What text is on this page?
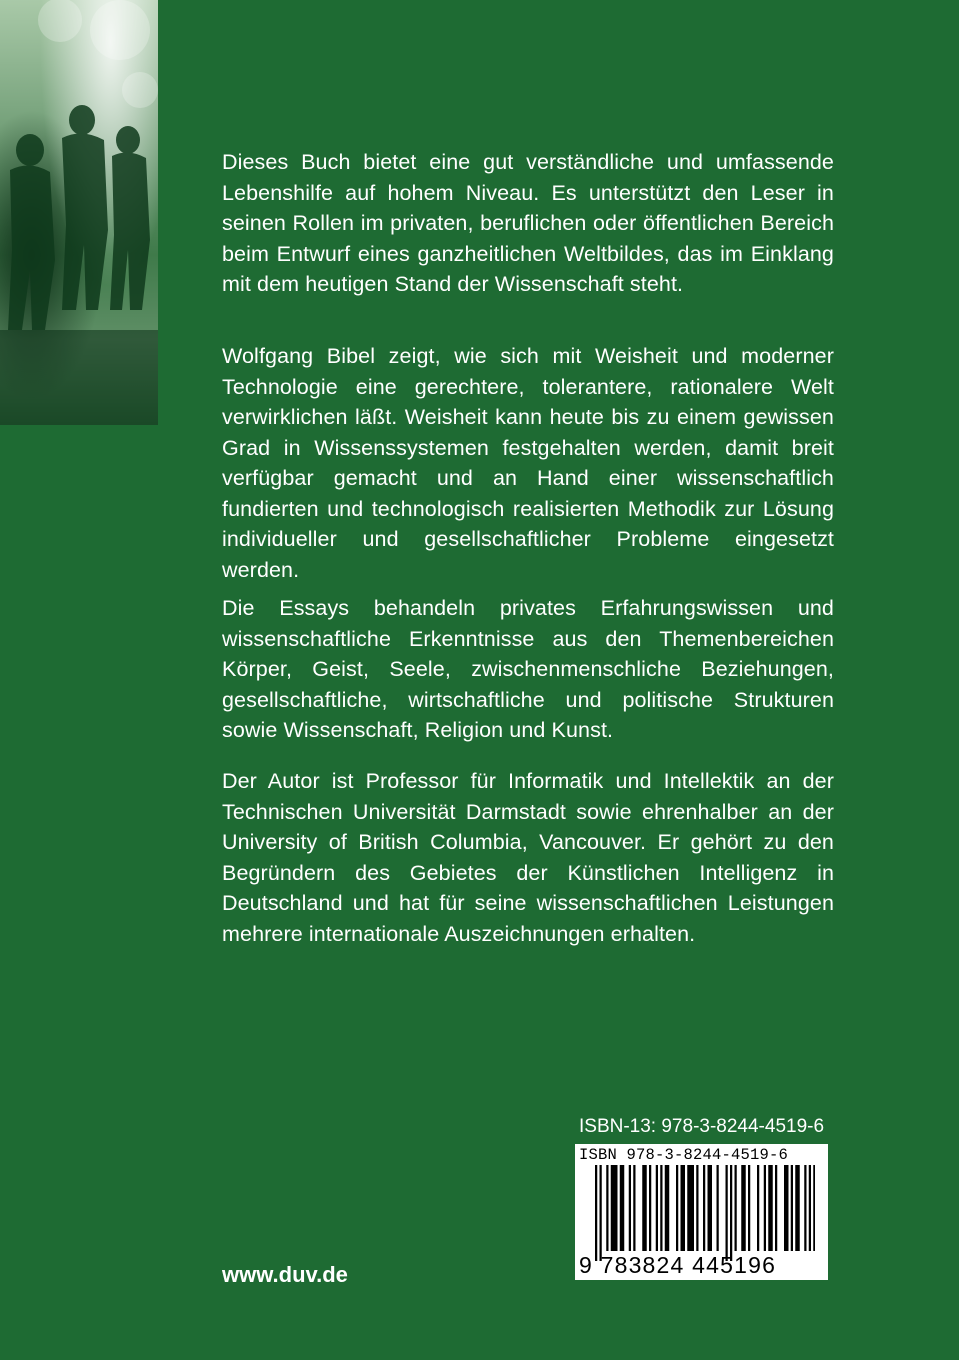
Dieses Buch bietet eine gut verständliche und umfassende Lebenshilfe auf hohem Niveau. Es unterstützt den Leser in seinen Rollen im privaten, beruflichen oder öffentlichen Bereich beim Entwurf eines ganzheitlichen Weltbildes, das im Einklang mit dem heutigen Stand der Wissenschaft steht.
Wolfgang Bibel zeigt, wie sich mit Weisheit und moderner Technologie eine gerechtere, tolerantere, rationalere Welt verwirklichen läßt. Weisheit kann heute bis zu einem gewissen Grad in Wissenssystemen festgehalten werden, damit breit verfügbar gemacht und an Hand einer wissenschaftlich fundierten und technologisch realisierten Methodik zur Lösung individueller und gesellschaftlicher Probleme eingesetzt werden.
Die Essays behandeln privates Erfahrungswissen und wissenschaftliche Erkenntnisse aus den Themenbereichen Körper, Geist, Seele, zwischenmenschliche Beziehungen, gesellschaftliche, wirtschaftliche und politische Strukturen sowie Wissenschaft, Religion und Kunst.
Der Autor ist Professor für Informatik und Intellektik an der Technischen Universität Darmstadt sowie ehrenhalber an der University of British Columbia, Vancouver. Er gehört zu den Begründern des Gebietes der Künstlichen Intelligenz in Deutschland und hat für seine wissenschaftlichen Leistungen mehrere internationale Auszeichnungen erhalten.
ISBN-13: 978-3-8244-4519-6
ISBN 978-3-8244-4519-6
9 783824 445196
www.duv.de
